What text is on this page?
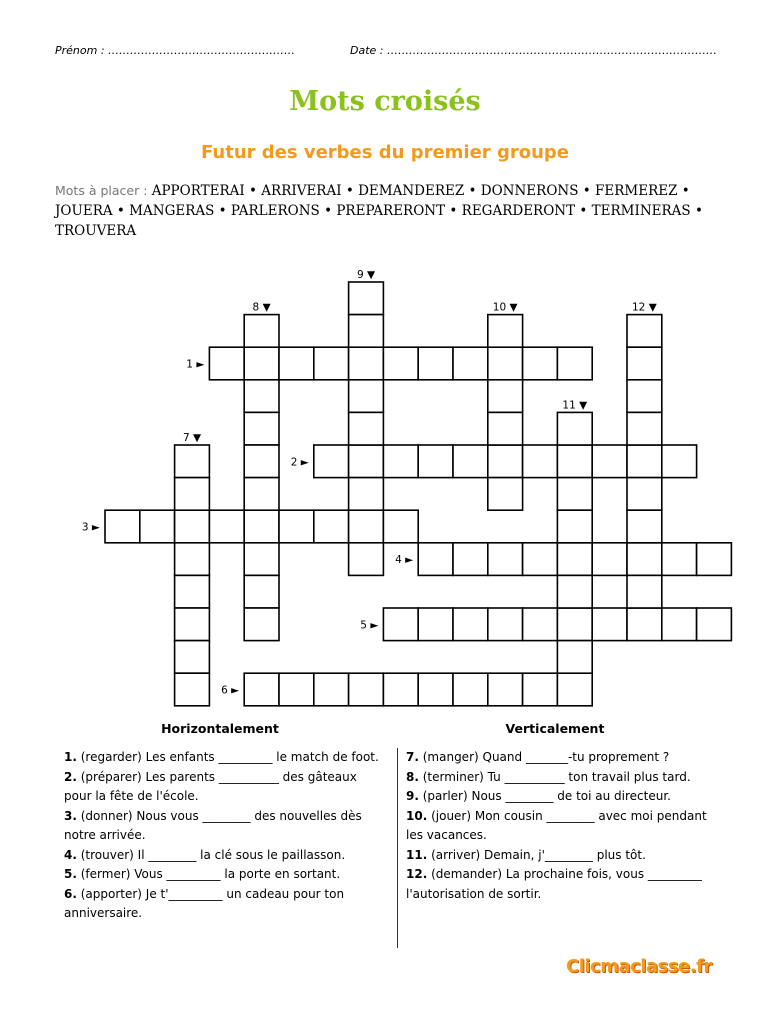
Prénom : ……………………………………………	Date : ………………………………………………………………………………
Mots croisés
Futur des verbes du premier groupe
Mots à placer : APPORTERAI • ARRIVERAI • DEMANDEREZ • DONNERONS • FERMEREZ • JOUERA • MANGERAS • PARLERONS • PREPARERONT • REGARDERONT • TERMINERAS • TROUVERA
1 ►
2 ►
3 ►
4 ►
5 ►
6 ►
7 ▼
8 ▼
9 ▼
10 ▼
11 ▼
12 ▼
Horizontalement	Verticalement
1. (regarder) Les enfants _________ le match de foot.
2. (préparer) Les parents __________ des gâteaux pour la fête de l'école.
3. (donner) Nous vous ________ des nouvelles dès notre arrivée.
4. (trouver) Il ________ la clé sous le paillasson.
5. (fermer) Vous _________ la porte en sortant.
6. (apporter) Je t'_________ un cadeau pour ton anniversaire.
7. (manger) Quand _______-tu proprement ?
8. (terminer) Tu __________ ton travail plus tard.
9. (parler) Nous ________ de toi au directeur.
10. (jouer) Mon cousin ________ avec moi pendant les vacances.
11. (arriver) Demain, j'________ plus tôt.
12. (demander) La prochaine fois, vous _________ l'autorisation de sortir.
Clicmaclasse.fr
